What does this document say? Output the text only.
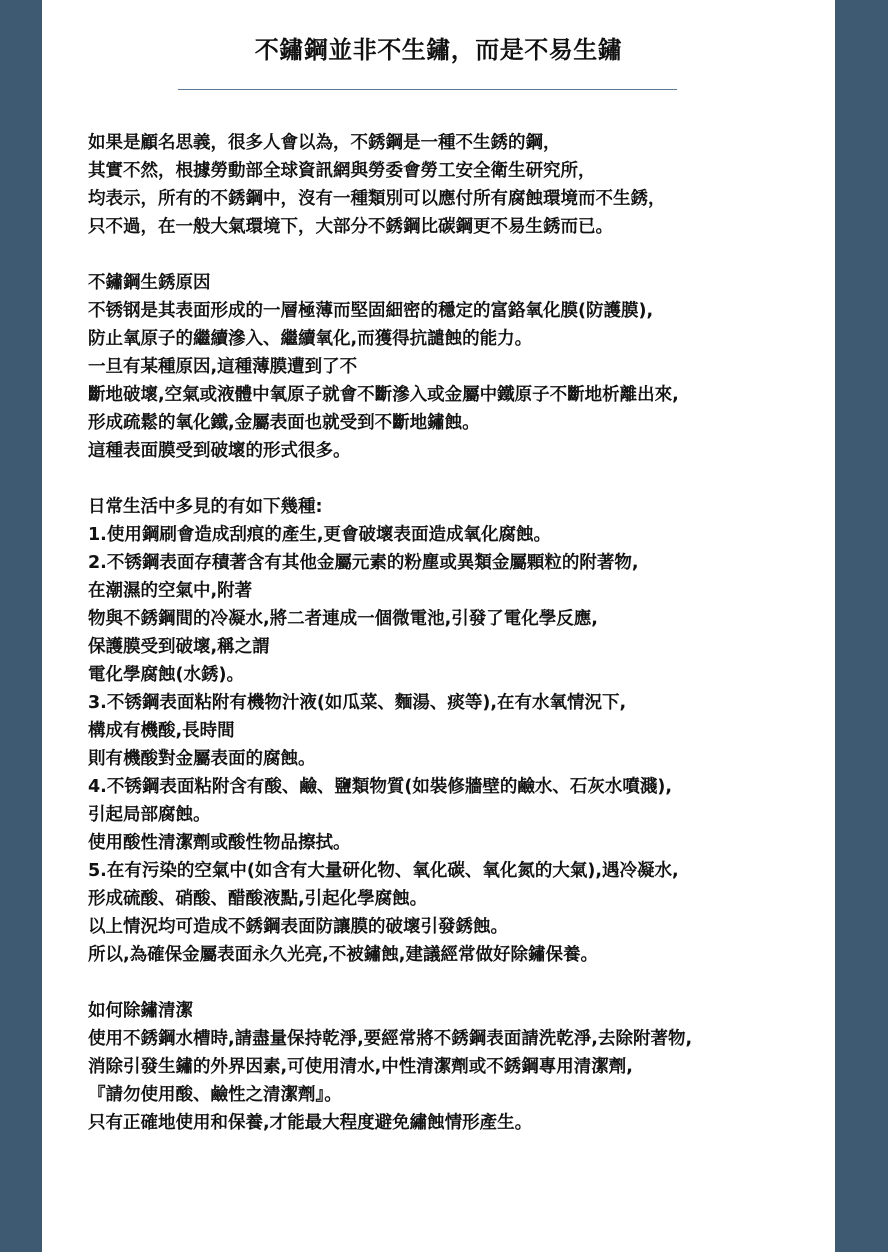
不鏽鋼並非不生鏽，而是不易生鏽

如果是顧名思義，很多人會以為，不銹鋼是一種不生銹的鋼，

其實不然，根據勞動部全球資訊網與勞委會勞工安全衛生研究所，

均表示，所有的不銹鋼中，沒有一種類別可以應付所有腐蝕環境而不生銹，

只不過，在一般大氣環境下，大部分不銹鋼比碳鋼更不易生銹而已。

不鏽鋼生銹原因

不锈钢是其表面形成的一層極薄而堅固細密的穩定的富鉻氧化膜(防護膜),

防止氧原子的繼續滲入、繼續氧化,而獲得抗譴蝕的能力。

一旦有某種原因,這種薄膜遭到了不

斷地破壞,空氣或液體中氧原子就會不斷滲入或金屬中鐵原子不斷地析離出來,

形成疏鬆的氧化鐵,金屬表面也就受到不斷地鏽蝕。

這種表面膜受到破壞的形式很多。

日常生活中多見的有如下幾種:

1.使用鋼刷會造成刮痕的產生,更會破壞表面造成氧化腐蝕。

2.不锈鋼表面存積著含有其他金屬元素的粉塵或異類金屬顆粒的附著物,

在潮濕的空氣中,附著

物與不銹鋼間的冷凝水,將二者連成一個微電池,引發了電化學反應,

保護膜受到破壞,稱之謂

電化學腐蝕(水銹)。

3.不锈鋼表面粘附有機物汁液(如瓜菜、麵湯、痰等),在有水氧情況下,

構成有機酸,長時間

則有機酸對金屬表面的腐蝕。

4.不锈鋼表面粘附含有酸、鹼、鹽類物質(如裝修牆壁的鹼水、石灰水噴濺),

引起局部腐蝕。

使用酸性清潔劑或酸性物品擦拭。

5.在有污染的空氣中(如含有大量研化物、氧化碳、氧化氮的大氣),遇冷凝水,

形成硫酸、硝酸、醋酸液點,引起化學腐蝕。

以上情況均可造成不銹鋼表面防讓膜的破壞引發銹蝕。

所以,為確保金屬表面永久光亮,不被鏽蝕,建議經常做好除鏽保養。

如何除鏽清潔

使用不銹鋼水槽時,請盡量保持乾淨,要經常將不銹鋼表面請洗乾淨,去除附著物,

消除引發生鏽的外界因素,可使用清水,中性清潔劑或不銹鋼專用清潔劑,

『請勿使用酸、鹼性之清潔劑』。

只有正確地使用和保養,才能最大程度避免繡蝕情形產生。
